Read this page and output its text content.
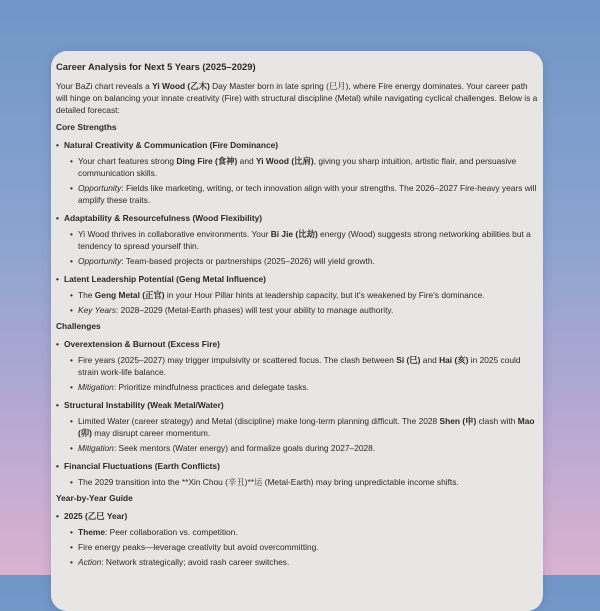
Career Analysis for Next 5 Years (2025–2029)

Your BaZi chart reveals a Yi Wood (乙木) Day Master born in late spring (巳月), where Fire energy dominates. Your career path will hinge on balancing your innate creativity (Fire) with structural discipline (Metal) while navigating cyclical challenges. Below is a detailed forecast:

Core Strengths
• Natural Creativity & Communication (Fire Dominance)
• Your chart features strong Ding Fire (食神) and Yi Wood (比肩), giving you sharp intuition, artistic flair, and persuasive communication skills.
• Opportunity: Fields like marketing, writing, or tech innovation align with your strengths. The 2026–2027 Fire-heavy years will amplify these traits.
• Adaptability & Resourcefulness (Wood Flexibility)
• Yi Wood thrives in collaborative environments. Your Bi Jie (比劫) energy (Wood) suggests strong networking abilities but a tendency to spread yourself thin.
• Opportunity: Team-based projects or partnerships (2025–2026) will yield growth.
• Latent Leadership Potential (Geng Metal Influence)
• The Geng Metal (正官) in your Hour Pillar hints at leadership capacity, but it's weakened by Fire's dominance.
• Key Years: 2028–2029 (Metal-Earth phases) will test your ability to manage authority.
Challenges
• Overextension & Burnout (Excess Fire)
• Fire years (2025–2027) may trigger impulsivity or scattered focus. The clash between Si (巳) and Hai (亥) in 2025 could strain work-life balance.
• Mitigation: Prioritize mindfulness practices and delegate tasks.
• Structural Instability (Weak Metal/Water)
• Limited Water (career strategy) and Metal (discipline) make long-term planning difficult. The 2028 Shen (申) clash with Mao (卯) may disrupt career momentum.
• Mitigation: Seek mentors (Water energy) and formalize goals during 2027–2028.
• Financial Fluctuations (Earth Conflicts)
• The 2029 transition into the **Xin Chou (辛丑)**运 (Metal-Earth) may bring unpredictable income shifts.
Year-by-Year Guide
• 2025 (乙巳 Year)
• Theme: Peer collaboration vs. competition.
• Fire energy peaks—leverage creativity but avoid overcommitting.
• Action: Network strategically; avoid rash career switches.
